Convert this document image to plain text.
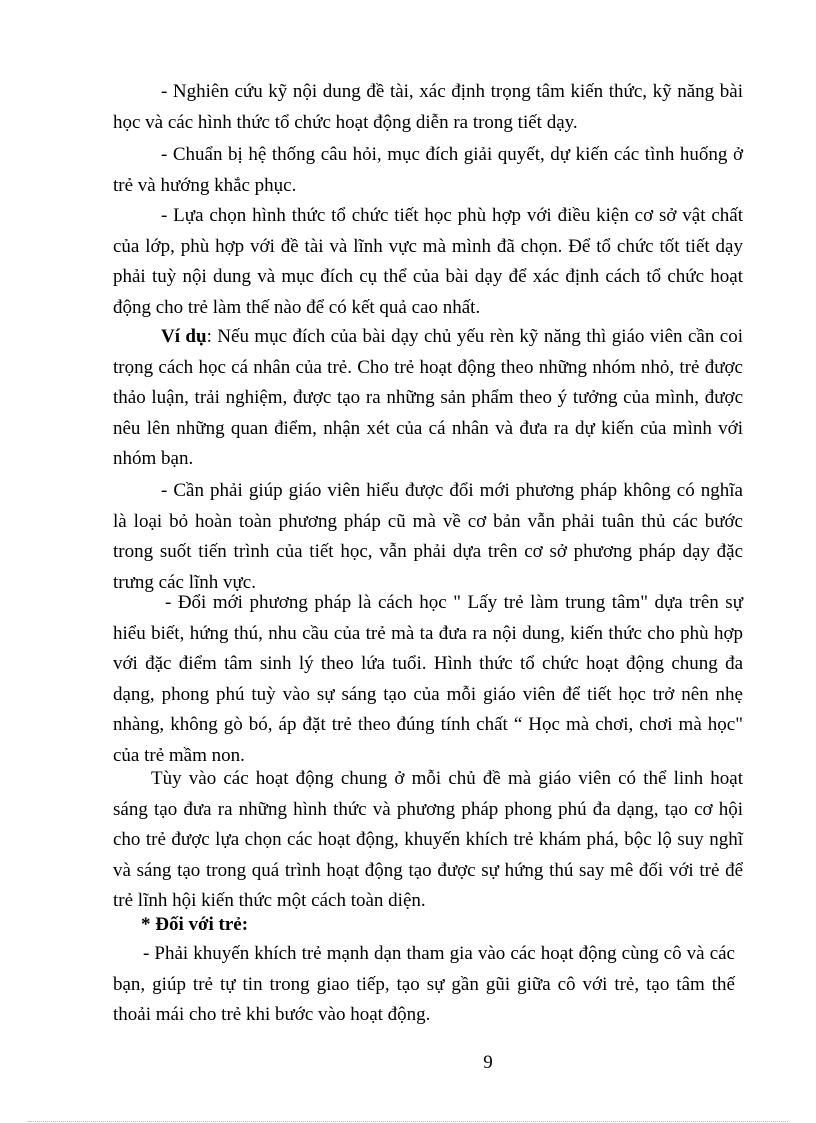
- Nghiên cứu kỹ nội dung đề tài, xác định trọng tâm kiến thức, kỹ năng bài học và các hình thức tổ chức hoạt động diễn ra trong tiết dạy.

- Chuẩn bị hệ thống câu hỏi, mục đích giải quyết, dự kiến các tình huống ở trẻ và hướng khắc phục.

- Lựa chọn hình thức tổ chức tiết học phù hợp với điều kiện cơ sở vật chất của lớp, phù hợp với đề tài và lĩnh vực mà mình đã chọn. Để tổ chức tốt tiết dạy phải tuỳ nội dung và mục đích cụ thể của bài dạy để xác định cách tổ chức hoạt động cho trẻ làm thế nào để có kết quả cao nhất.

Ví dụ: Nếu mục đích của bài dạy chủ yếu rèn kỹ năng thì giáo viên cần coi trọng cách học cá nhân của trẻ. Cho trẻ hoạt động theo những nhóm nhỏ, trẻ được thảo luận, trải nghiệm, được tạo ra những sản phẩm theo ý tưởng của mình, được nêu lên những quan điểm, nhận xét của cá nhân và đưa ra dự kiến của mình với nhóm bạn.

- Cần phải giúp giáo viên hiểu được đổi mới phương pháp không có nghĩa là loại bỏ hoàn toàn phương pháp cũ mà về cơ bản vẫn phải tuân thủ các bước trong suốt tiến trình của tiết học, vẫn phải dựa trên cơ sở phương pháp dạy đặc trưng các lĩnh vực.

- Đổi mới phương pháp là cách học " Lấy trẻ làm trung tâm" dựa trên sự hiểu biết, hứng thú, nhu cầu của trẻ mà ta đưa ra nội dung, kiến thức cho phù hợp với đặc điểm tâm sinh lý theo lứa tuổi. Hình thức tổ chức hoạt động chung đa dạng, phong phú tuỳ vào sự sáng tạo của mỗi giáo viên để tiết học trở nên nhẹ nhàng, không gò bó, áp đặt trẻ theo đúng tính chất “ Học mà chơi, chơi mà học" của trẻ mầm non.

Tùy vào các hoạt động chung ở mỗi chủ đề mà giáo viên có thể linh hoạt sáng tạo đưa ra những hình thức và phương pháp phong phú đa dạng, tạo cơ hội cho trẻ được lựa chọn các hoạt động, khuyến khích trẻ khám phá, bộc lộ suy nghĩ và sáng tạo trong quá trình hoạt động tạo được sự hứng thú say mê đối với trẻ để trẻ lĩnh hội kiến thức một cách toàn diện.

* Đối với trẻ:

- Phải khuyến khích trẻ mạnh dạn tham gia vào các hoạt động cùng cô và các bạn, giúp trẻ tự tin trong giao tiếp, tạo sự gần gũi giữa cô với trẻ, tạo tâm thế thoải mái cho trẻ khi bước vào hoạt động.

9
